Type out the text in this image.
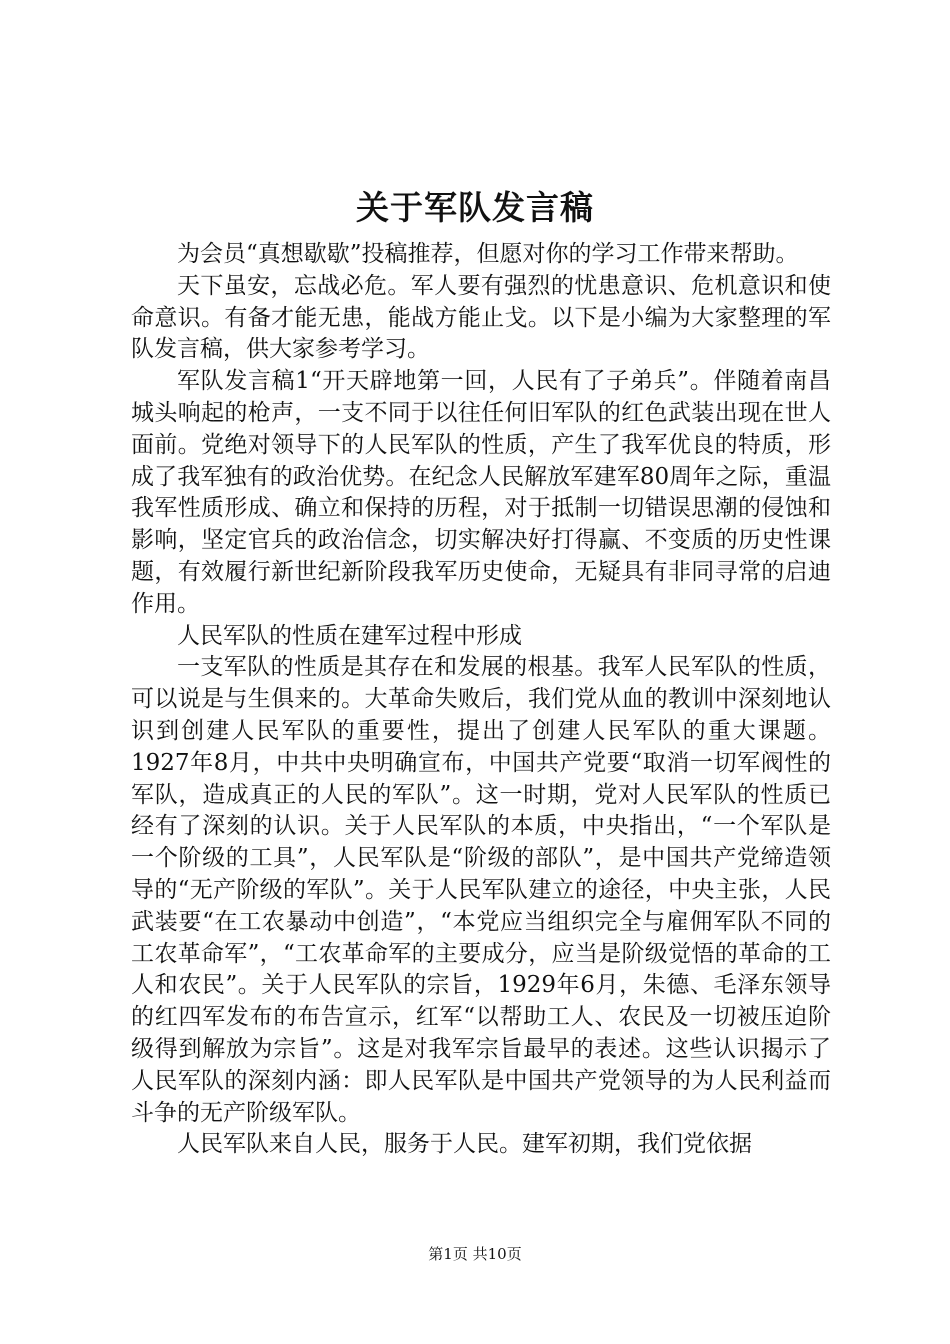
关于军队发言稿

为会员“真想歇歇”投稿推荐，但愿对你的学习工作带来帮助。

天下虽安，忘战必危。军人要有强烈的忧患意识、危机意识和使命意识。有备才能无患，能战方能止戈。以下是小编为大家整理的军队发言稿，供大家参考学习。

军队发言稿1“开天辟地第一回，人民有了子弟兵”。伴随着南昌城头响起的枪声，一支不同于以往任何旧军队的红色武装出现在世人面前。党绝对领导下的人民军队的性质，产生了我军优良的特质，形成了我军独有的政治优势。在纪念人民解放军建军80周年之际，重温我军性质形成、确立和保持的历程，对于抵制一切错误思潮的侵蚀和影响，坚定官兵的政治信念，切实解决好打得赢、不变质的历史性课题，有效履行新世纪新阶段我军历史使命，无疑具有非同寻常的启迪作用。

人民军队的性质在建军过程中形成

一支军队的性质是其存在和发展的根基。我军人民军队的性质，可以说是与生俱来的。大革命失败后，我们党从血的教训中深刻地认识到创建人民军队的重要性，提出了创建人民军队的重大课题。1927年8月，中共中央明确宣布，中国共产党要“取消一切军阀性的军队，造成真正的人民的军队”。这一时期，党对人民军队的性质已经有了深刻的认识。关于人民军队的本质，中央指出，“一个军队是一个阶级的工具”，人民军队是“阶级的部队”，是中国共产党缔造领导的“无产阶级的军队”。关于人民军队建立的途径，中央主张，人民武装要“在工农暴动中创造”，“本党应当组织完全与雇佣军队不同的工农革命军”，“工农革命军的主要成分，应当是阶级觉悟的革命的工人和农民”。关于人民军队的宗旨，1929年6月，朱德、毛泽东领导的红四军发布的布告宣示，红军“以帮助工人、农民及一切被压迫阶级得到解放为宗旨”。这是对我军宗旨最早的表述。这些认识揭示了人民军队的深刻内涵：即人民军队是中国共产党领导的为人民利益而斗争的无产阶级军队。

人民军队来自人民，服务于人民。建军初期，我们党依据

第1页 共10页
